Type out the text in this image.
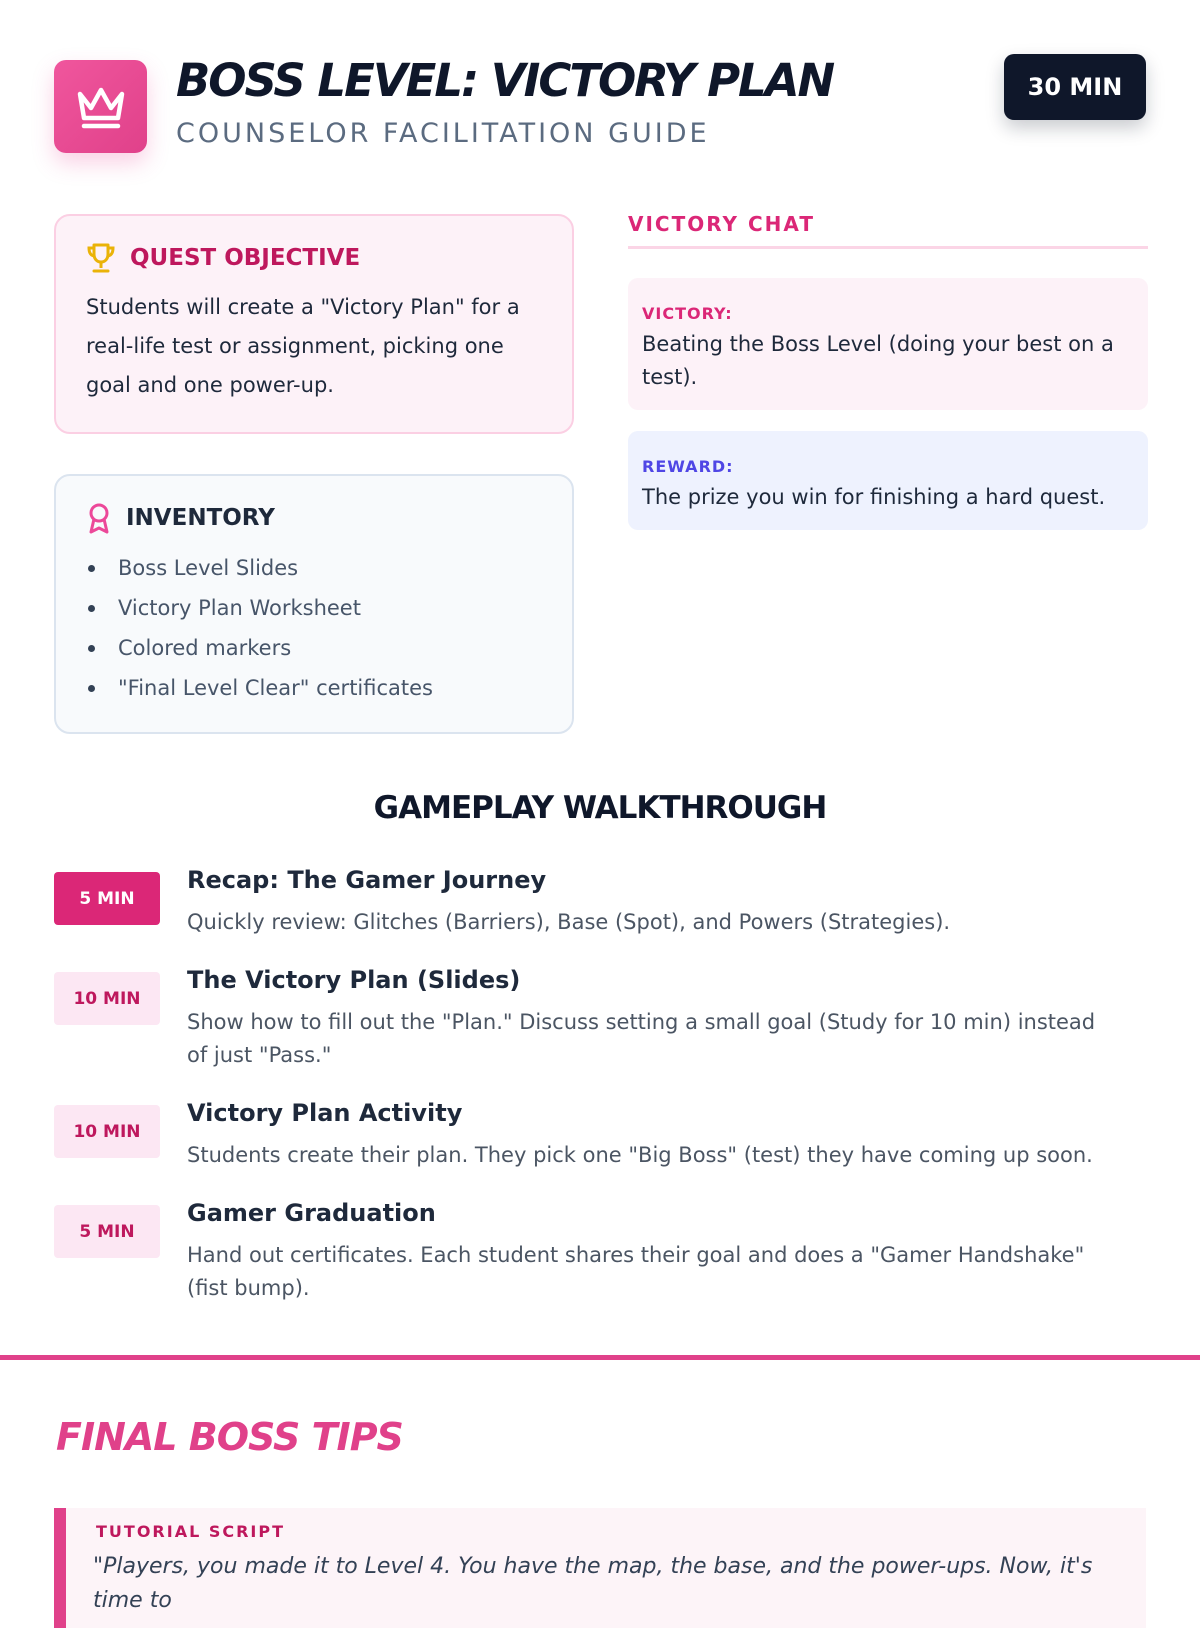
BOSS LEVEL: VICTORY PLAN
COUNSELOR FACILITATION GUIDE
30 MIN
QUEST OBJECTIVE

Students will create a "Victory Plan" for a real-life test or assignment, picking one goal and one power-up.

INVENTORY
Boss Level Slides
Victory Plan Worksheet
Colored markers
"Final Level Clear" certificates
VICTORY CHAT
VICTORY:
Beating the Boss Level (doing your best on a test).
REWARD:
The prize you win for finishing a hard quest.
GAMEPLAY WALKTHROUGH
5 MIN
Recap: The Gamer Journey
Quickly review: Glitches (Barriers), Base (Spot), and Powers (Strategies).
10 MIN
The Victory Plan (Slides)
Show how to fill out the "Plan." Discuss setting a small goal (Study for 10 min) instead of just "Pass."
10 MIN
Victory Plan Activity
Students create their plan. They pick one "Big Boss" (test) they have coming up soon.
5 MIN
Gamer Graduation
Hand out certificates. Each student shares their goal and does a "Gamer Handshake" (fist bump).
FINAL BOSS TIPS
TUTORIAL SCRIPT
"Players, you made it to Level 4. You have the map, the base, and the power-ups. Now, it's time to
